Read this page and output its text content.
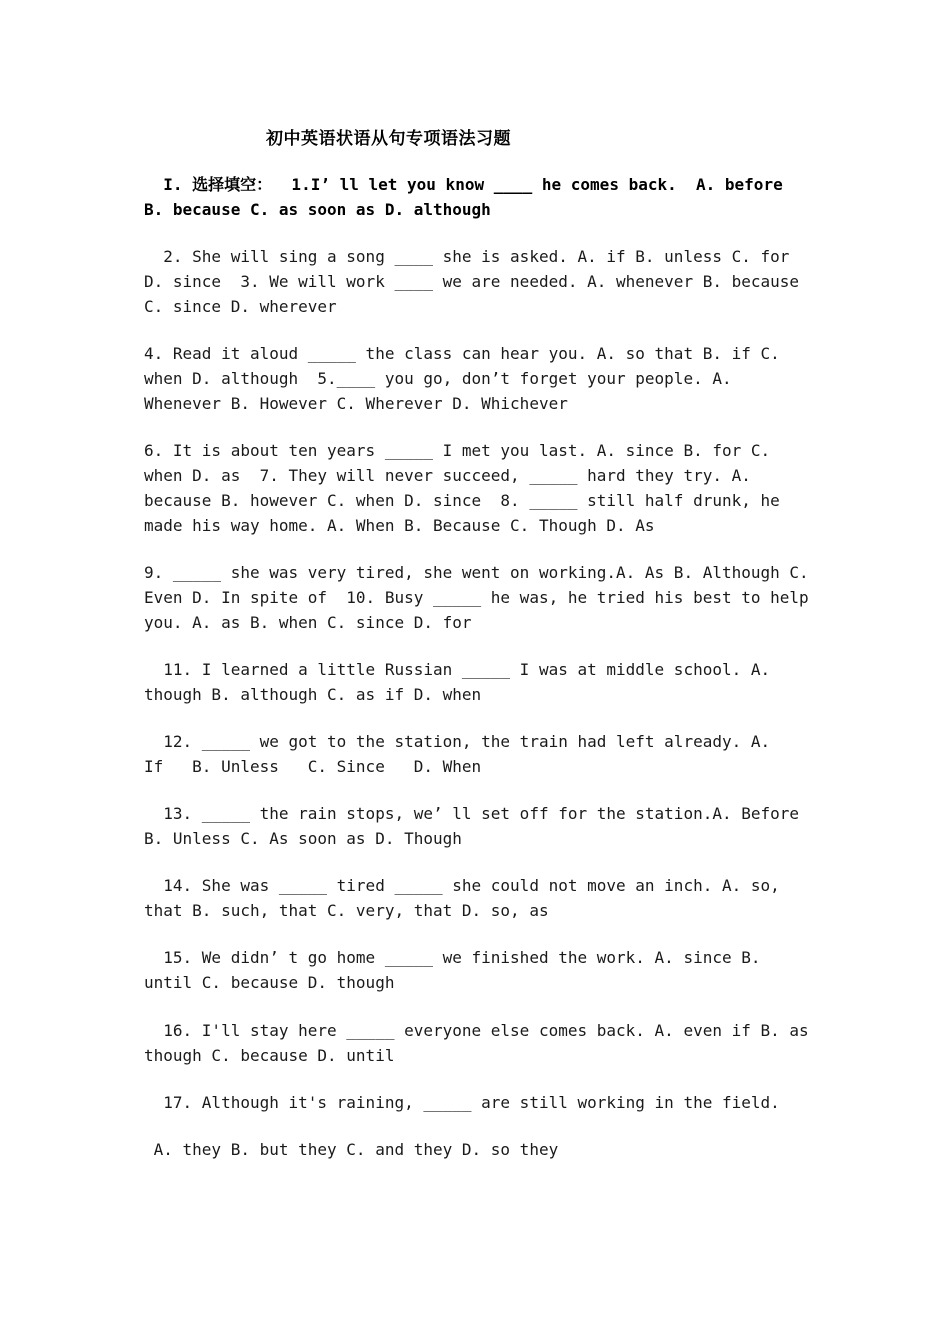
初中英语状语从句专项语法习题
I. 选择填空：  1.I’ ll let you know ____ he comes back.  A. before
B. because C. as soon as D. although
2. She will sing a song ____ she is asked. A. if B. unless C. for
D. since  3. We will work ____ we are needed. A. whenever B. because
C. since D. wherever
4. Read it aloud _____ the class can hear you. A. so that B. if C.
when D. although  5.____ you go, don’t forget your people. A.
Whenever B. However C. Wherever D. Whichever
6. It is about ten years _____ I met you last. A. since B. for C.
when D. as  7. They will never succeed, _____ hard they try. A.
because B. however C. when D. since  8. _____ still half drunk, he
made his way home. A. When B. Because C. Though D. As
9. _____ she was very tired, she went on working.A. As B. Although C.
Even D. In spite of  10. Busy _____ he was, he tried his best to help
you. A. as B. when C. since D. for
11. I learned a little Russian _____ I was at middle school. A.
though B. although C. as if D. when
12. _____ we got to the station, the train had left already. A.
If   B. Unless   C. Since   D. When
13. _____ the rain stops, we’ ll set off for the station.A. Before
B. Unless C. As soon as D. Though
14. She was _____ tired _____ she could not move an inch. A. so,
that B. such, that C. very, that D. so, as
15. We didn’ t go home _____ we finished the work. A. since B.
until C. because D. though
16. I'll stay here _____ everyone else comes back. A. even if B. as
though C. because D. until
17. Although it's raining, _____ are still working in the field.
A. they B. but they C. and they D. so they
